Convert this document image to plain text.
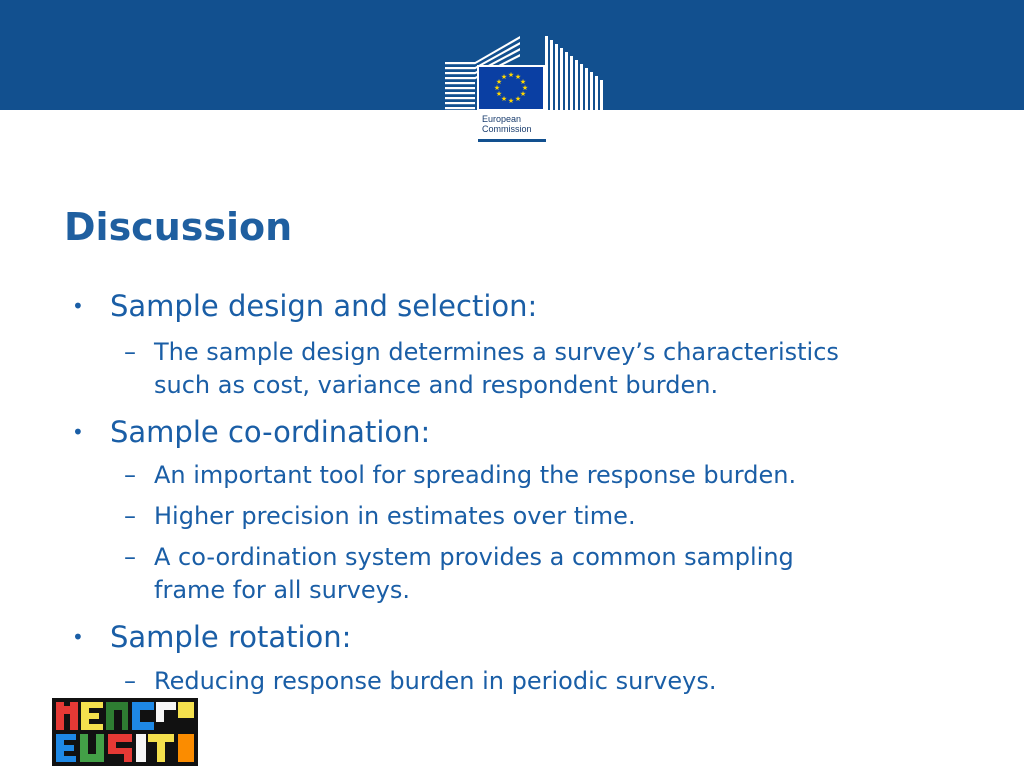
★ ★
★
★
★
★
★
★
★
★
★
★
European
Commission
Discussion
• Sample design and selection:
– The sample design determines a survey’s characteristics
such as cost, variance and respondent burden.
• Sample co-ordination:
– An important tool for spreading the response burden.
– Higher precision in estimates over time.
– A co-ordination system provides a common sampling
frame for all surveys.
• Sample rotation:
– Reducing response burden in periodic surveys.
